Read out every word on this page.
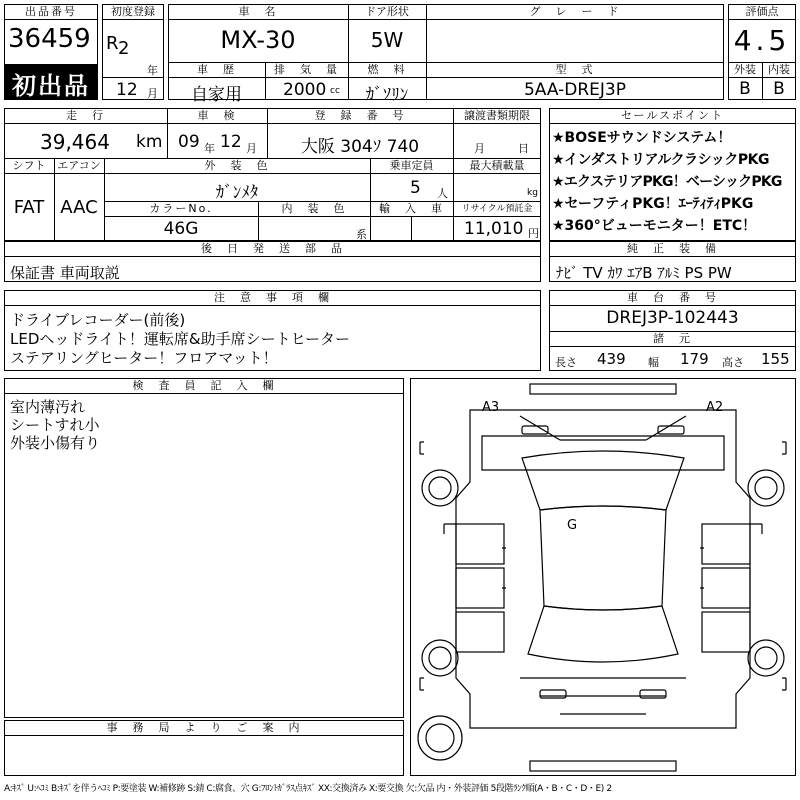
出品番号
36459
初出品
初度登録
R 2
年
12 月
車　名
MX-30
ドア形状
5W
グ　レ　ー　ド
車　歴
自家用
排　気　量
2000 cc
燃　料
ｶﾞｿﾘﾝ
型　式
5AA-DREJ3P
評価点
4.5
外装	内装
B	B
走　行
39,464 km
車　検
09 年 12 月
登　録　番　号
大阪 304ｿ 740
譲渡書類期限
月	日
シフト
FAT
エアコン
AAC
外　装　色
ｶﾞﾝﾒﾀ
乗車定員
5 人
最大積載量
kg
カラーNo.
46G
内　装　色
系
輸　入　車	リサイクル預託金
11,010 円
セールスポイント
★BOSEサウンドシステム！
★インダストリアルクラシックPKG
★エクステリアPKG！ベーシックPKG
★セーフティPKG！ｴｰﾃｨﾃｨPKG
★360°ビューモニター！ETC！
後　日　発　送　部　品
保証書 車両取説
純　正　装　備
ﾅﾋﾞ TV ｶﾜ ｴｱB ｱﾙﾐ PS PW
注　意　事　項　欄
ドライブレコーダー(前後)
LEDヘッドライト！運転席&助手席シートヒーター
ステアリングヒーター！フロアマット！
車　台　番　号
DREJ3P-102443
諸　元
長さ 439 幅 179 高さ 155
検　査　員　記　入　欄
室内薄汚れ
シートすれ小
外装小傷有り
事　務　局　よ　り　ご　案　内
A3	A2
G
A:ｷｽﾞ U:ﾍｺﾐ B:ｷｽﾞを伴うﾍｺﾐ P:要塗装 W:補修跡 S:錆 C:腐食、穴 G:ﾌﾛﾝﾄｶﾞﾗｽ点ｷｽﾞ XX:交換済み X:要交換 欠:欠品 内・外装評価 5段階ﾗﾝｸ順(A・B・C・D・E) 2
